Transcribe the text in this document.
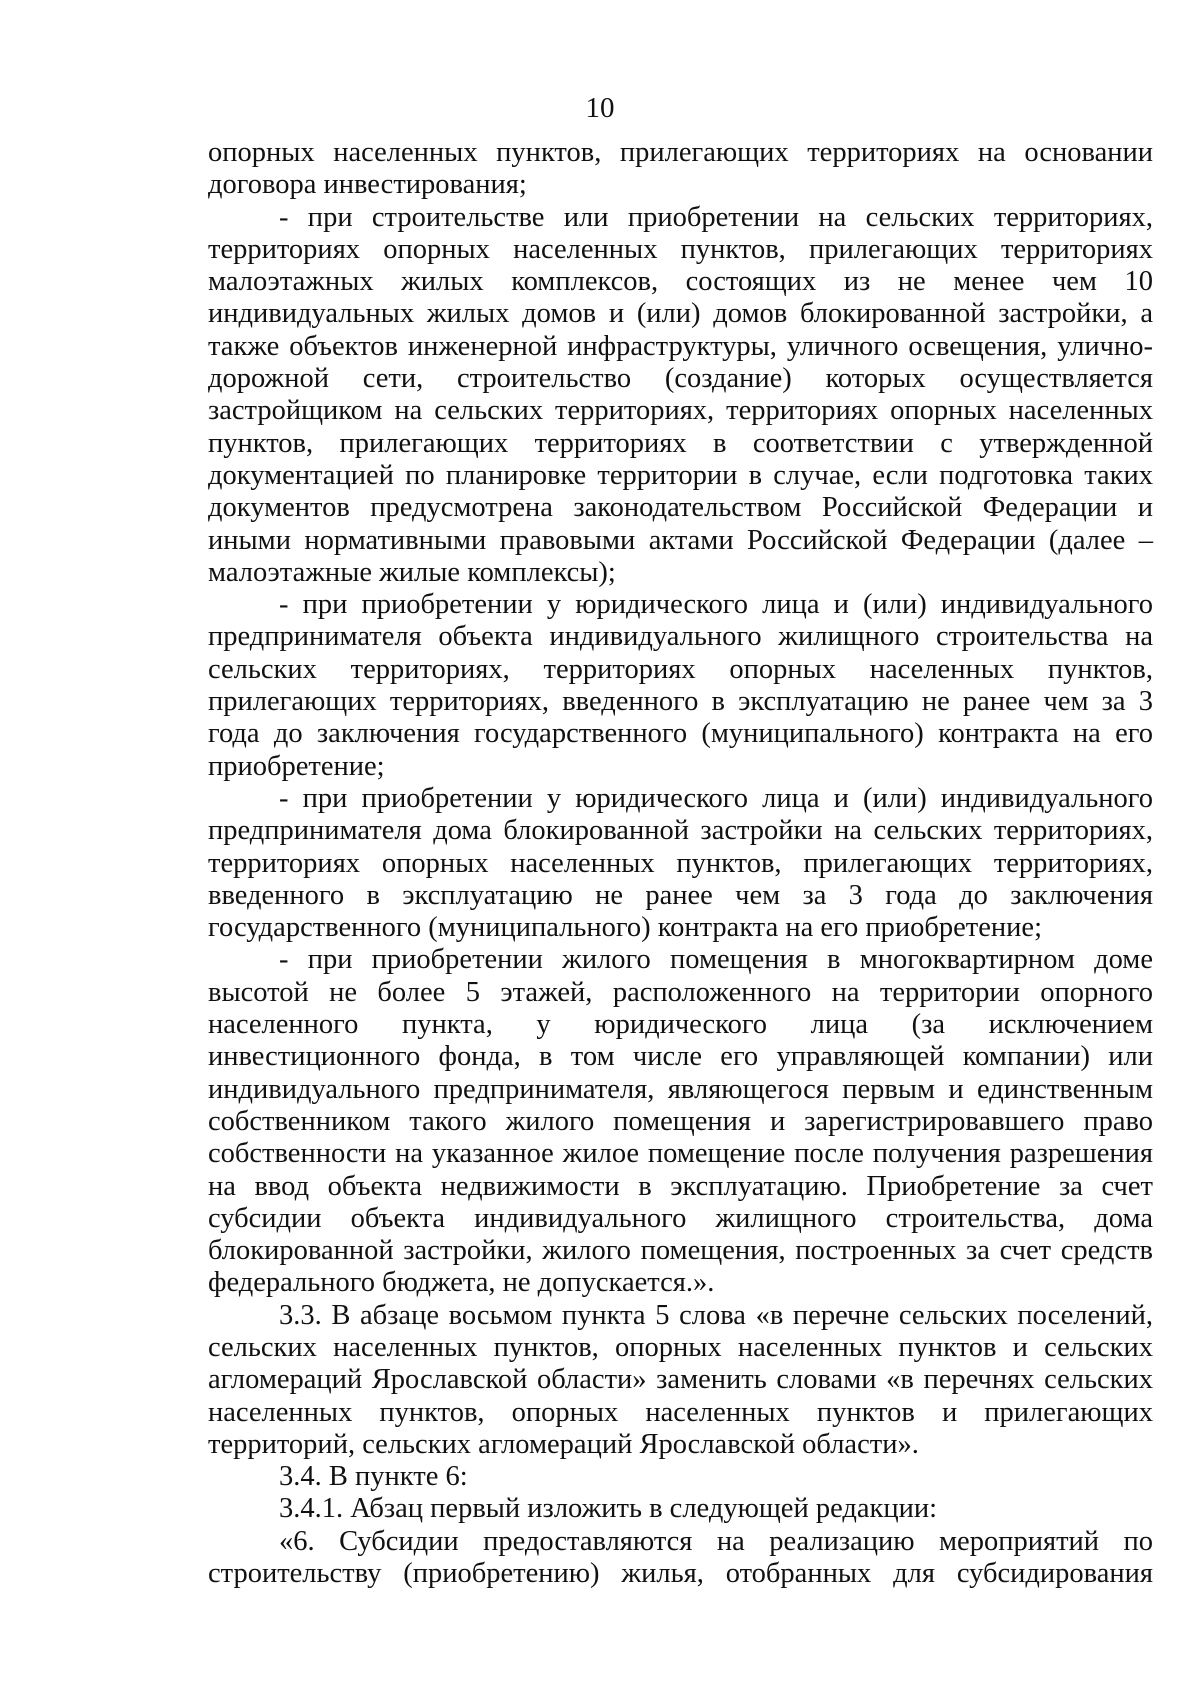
10

опорных населенных пунктов, прилегающих территориях на основании договора инвестирования;

- при строительстве или приобретении на сельских территориях, территориях опорных населенных пунктов, прилегающих территориях малоэтажных жилых комплексов, состоящих из не менее чем 10 индивидуальных жилых домов и (или) домов блокированной застройки, а также объектов инженерной инфраструктуры, уличного освещения, улично-дорожной сети, строительство (создание) которых осуществляется застройщиком на сельских территориях, территориях опорных населенных пунктов, прилегающих территориях в соответствии с утвержденной документацией по планировке территории в случае, если подготовка таких документов предусмотрена законодательством Российской Федерации и иными нормативными правовыми актами Российской Федерации (далее – малоэтажные жилые комплексы);

- при приобретении у юридического лица и (или) индивидуального предпринимателя объекта индивидуального жилищного строительства на сельских территориях, территориях опорных населенных пунктов, прилегающих территориях, введенного в эксплуатацию не ранее чем за 3 года до заключения государственного (муниципального) контракта на его приобретение;

- при приобретении у юридического лица и (или) индивидуального предпринимателя дома блокированной застройки на сельских территориях, территориях опорных населенных пунктов, прилегающих территориях, введенного в эксплуатацию не ранее чем за 3 года до заключения государственного (муниципального) контракта на его приобретение;

- при приобретении жилого помещения в многоквартирном доме высотой не более 5 этажей, расположенного на территории опорного населенного пункта, у юридического лица (за исключением инвестиционного фонда, в том числе его управляющей компании) или индивидуального предпринимателя, являющегося первым и единственным собственником такого жилого помещения и зарегистрировавшего право собственности на указанное жилое помещение после получения разрешения на ввод объекта недвижимости в эксплуатацию. Приобретение за счет субсидии объекта индивидуального жилищного строительства, дома блокированной застройки, жилого помещения, построенных за счет средств федерального бюджета, не допускается.».

3.3. В абзаце восьмом пункта 5 слова «в перечне сельских поселений, сельских населенных пунктов, опорных населенных пунктов и сельских агломераций Ярославской области» заменить словами «в перечнях сельских населенных пунктов, опорных населенных пунктов и прилегающих территорий, сельских агломераций Ярославской области».

3.4. В пункте 6:

3.4.1. Абзац первый изложить в следующей редакции:

«6. Субсидии предоставляются на реализацию мероприятий по строительству (приобретению) жилья, отобранных для субсидирования
